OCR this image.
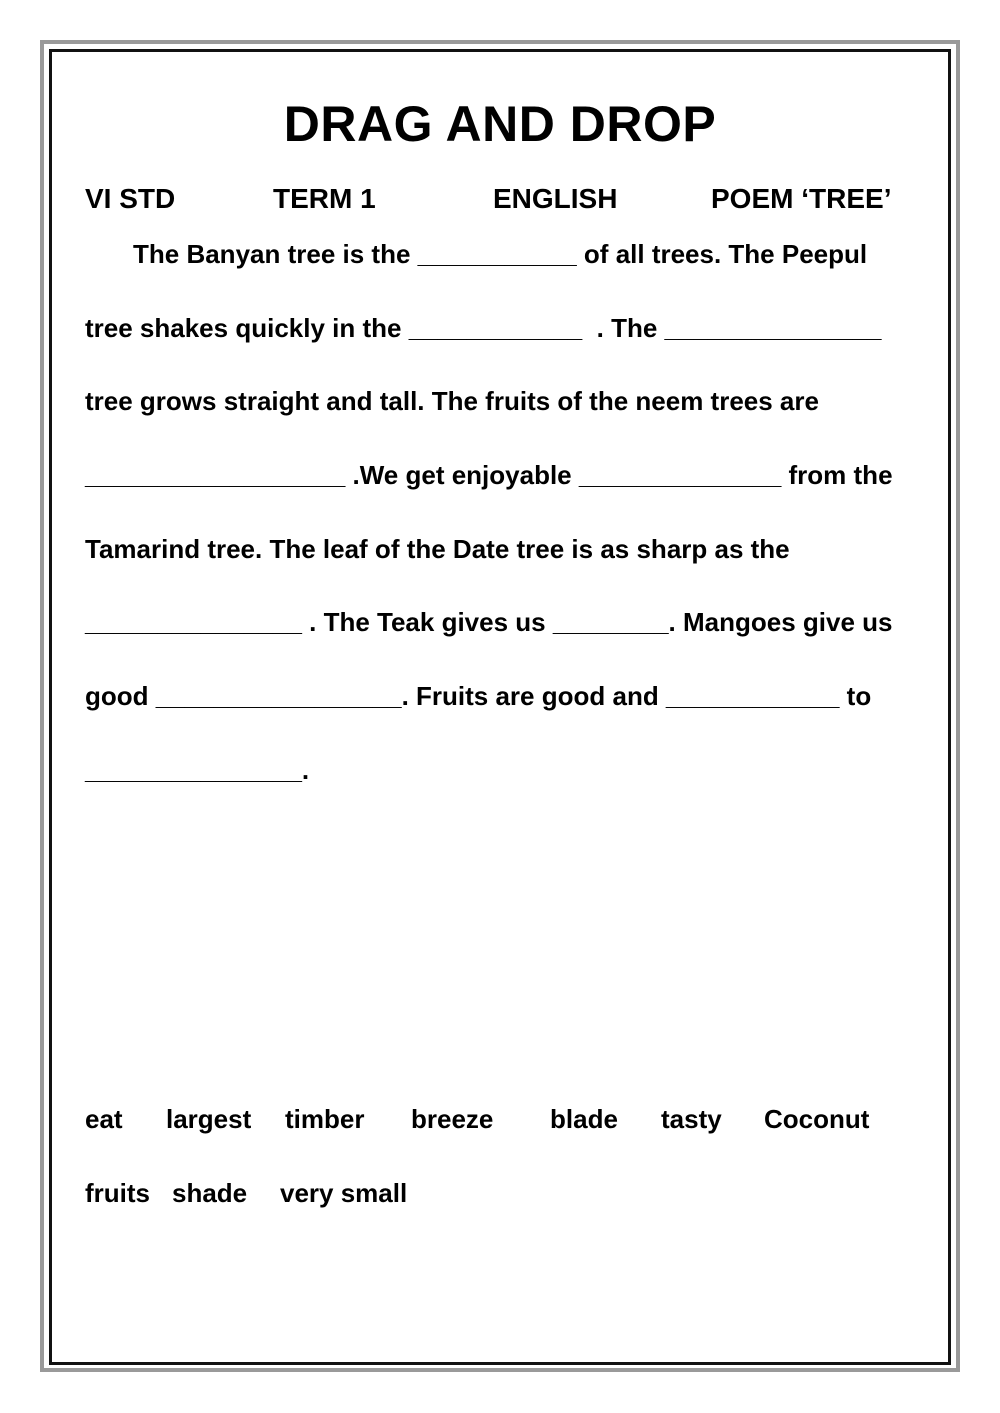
DRAG AND DROP
VI STD	TERM 1	ENGLISH	POEM ‘TREE’
The Banyan tree is the ___________ of all trees. The Peepul
tree shakes quickly in the ____________  . The _______________
tree grows straight and tall. The fruits of the neem trees are
__________________ .We get enjoyable ______________ from the
Tamarind tree. The leaf of the Date tree is as sharp as the
_______________ . The Teak gives us ________. Mangoes give us
good _________________. Fruits are good and ____________ to
_______________.
eat largest timber breeze blade tasty Coconut
fruits shade very small
